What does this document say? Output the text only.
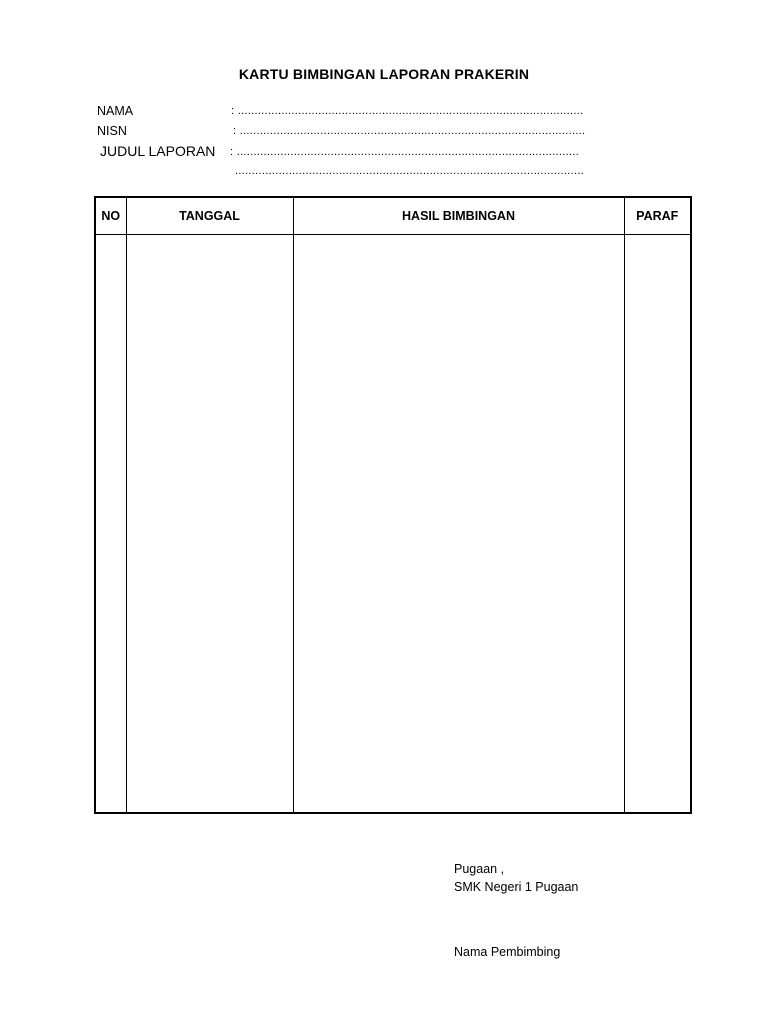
KARTU BIMBINGAN LAPORAN PRAKERIN
NAMA	: .......................................................................................................
NISN	: .......................................................................................................
JUDUL LAPORAN : ......................................................................................................
........................................................................................................
NO	TANGGAL	HASIL BIMBINGAN	PARAF

Pugaan ,
SMK Negeri 1 Pugaan
Nama Pembimbing
